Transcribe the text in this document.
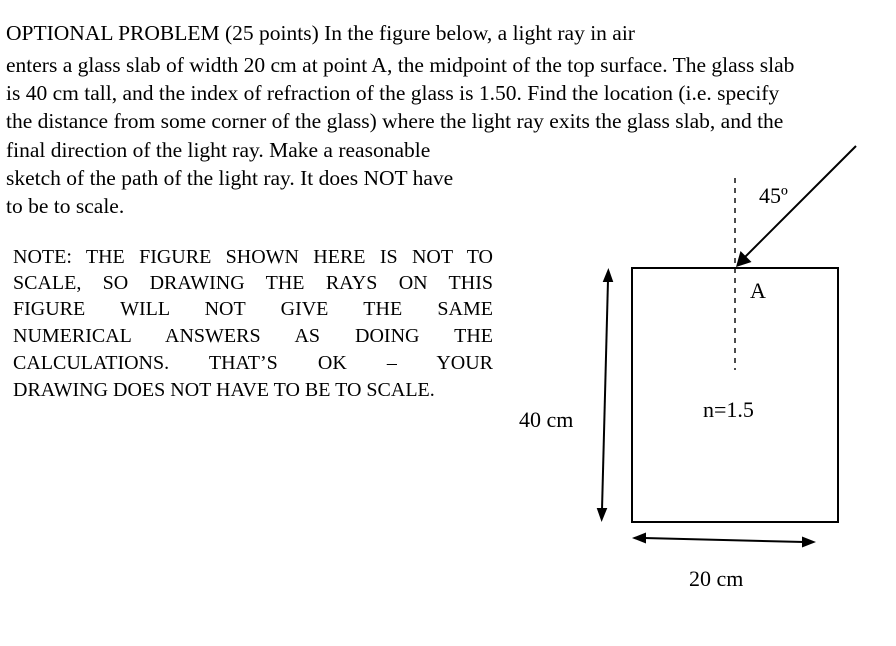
OPTIONAL PROBLEM (25 points) In the figure below, a light ray in air
enters a glass slab of width 20 cm at point A, the midpoint of the top surface. The glass slab
is 40 cm tall, and the index of refraction of the glass is 1.50. Find the location (i.e. specify
the distance from some corner of the glass) where the light ray exits the glass slab, and the
final direction of the light ray. Make a reasonable
sketch of the path of the light ray. It does NOT have
to be to scale.
NOTE: THE FIGURE SHOWN HERE IS NOT TO
SCALE, SO DRAWING THE RAYS ON THIS
FIGURE WILL NOT GIVE THE SAME
NUMERICAL ANSWERS AS DOING THE
CALCULATIONS. THAT’S OK – YOUR
DRAWING DOES NOT HAVE TO BE TO SCALE.
45º
A
40 cm	n=1.5
20 cm
